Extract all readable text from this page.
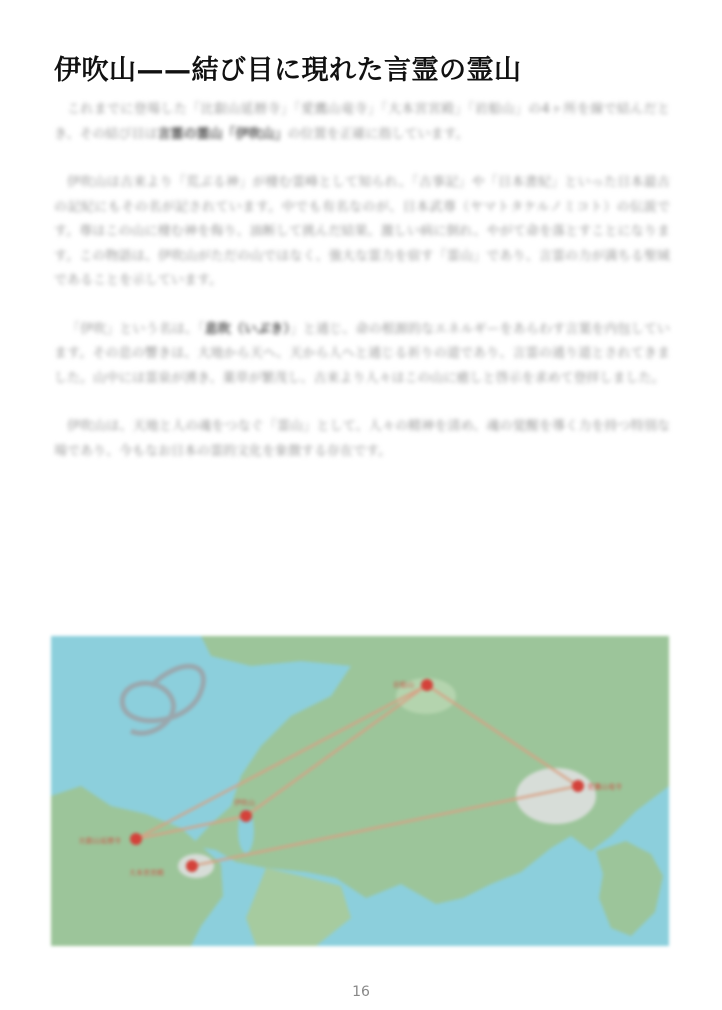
伊吹山——結び目に現れた言霊の霊山

これまでに登場した「比叡山延暦寺」「愛鷹山竜寺」「大本宮宮殿」「岩船山」の4ヶ所を線で結んだとき、その結び目は言霊の霊山「伊吹山」の位置を正確に指しています。

伊吹山は古来より「荒ぶる神」が棲む霊峰として知られ、「古事記」や「日本書紀」といった日本最古の記紀にもその名が記されています。中でも有名なのが、日本武尊（ヤマトタケルノミコト）の伝説です。尊はこの山に棲む神を侮り、油断して挑んだ結果、激しい病に倒れ、やがて命を落とすことになります。この物語は、伊吹山がただの山ではなく、強大な霊力を宿す「霊山」であり、言霊の力が満ちる聖域であることを示しています。

「伊吹」という名は、「息吹（いぶき）」と通じ、命の根源的なエネルギーをあらわす言葉を内包しています。その息の響きは、大地から天へ、天から人へと通じる祈りの道であり、言霊の通り道とされてきました。山中には霊泉が湧き、薬草が繁茂し、古来より人々はこの山に癒しと啓示を求めて登拝しました。

伊吹山は、天地と人の魂をつなぐ「霊山」として、人々の精神を清め、魂の覚醒を導く力を持つ特別な場であり、今もなお日本の霊的文化を象徴する存在です。

岩船山
伊吹山
比叡山延暦寺
大本宮宮殿
愛鷹山竜寺
16
